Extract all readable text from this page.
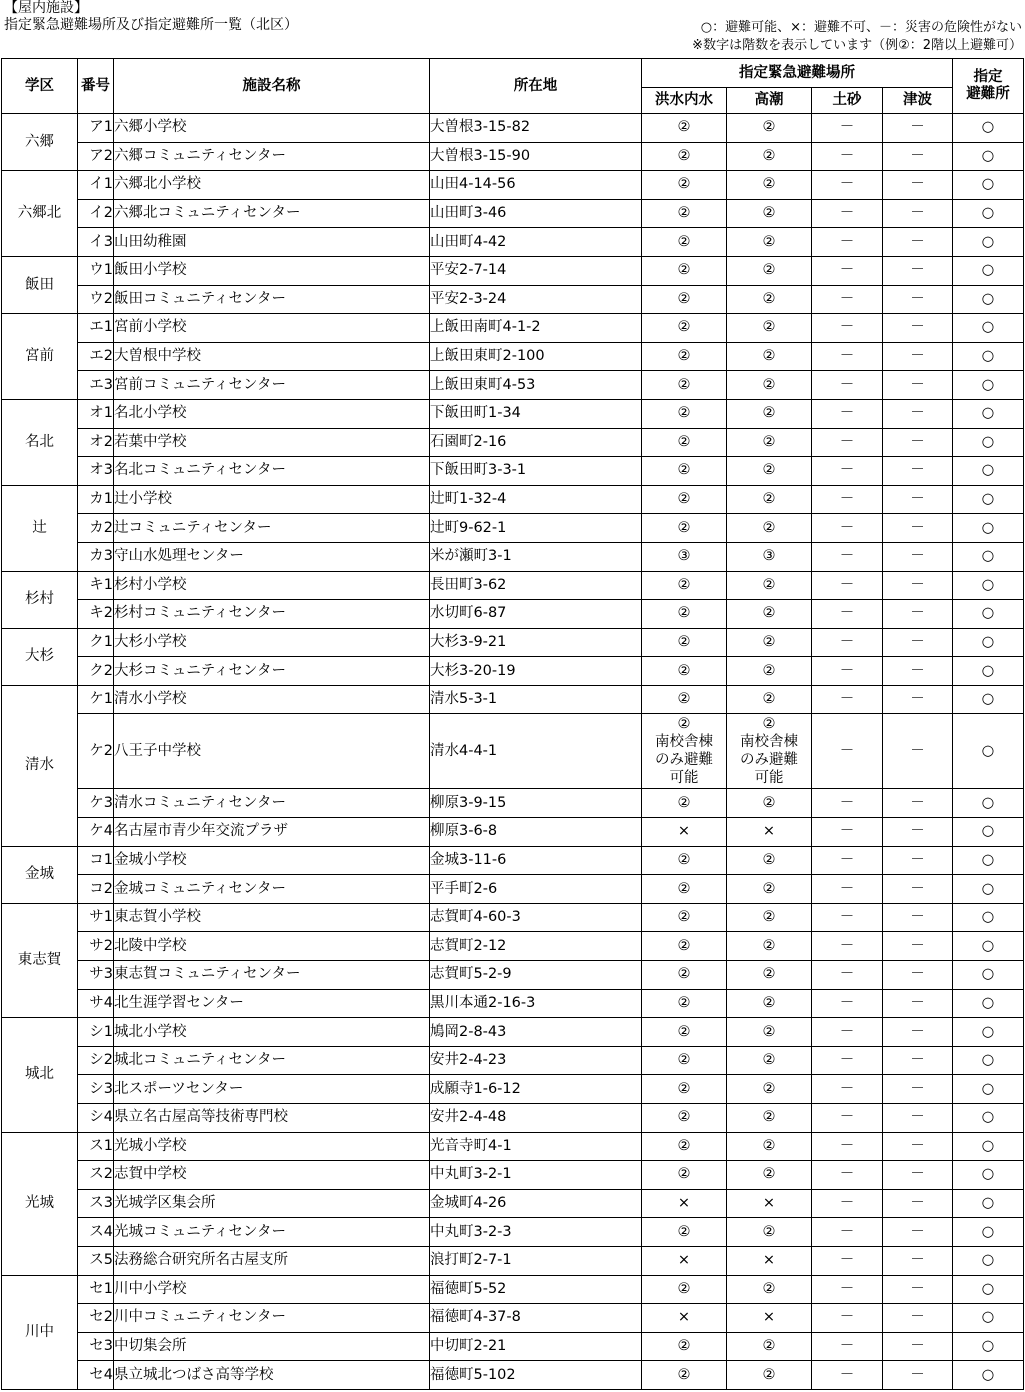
【屋内施設】
指定緊急避難場所及び指定避難所一覧（北区）	○：避難可能、×：避難不可、－：災害の危険性がない
※数字は階数を表示しています（例②：2階以上避難可）
学区	番号	施設名称	所在地	指定緊急避難場所				指定
避難所
				洪水内水	高潮	土砂	津波	
六郷	ア1	六郷小学校	大曽根3-15-82	②	②	－	－	○
	ア2	六郷コミュニティセンター	大曽根3-15-90	②	②	－	－	○
六郷北	イ1	六郷北小学校	山田4-14-56	②	②	－	－	○
	イ2	六郷北コミュニティセンター	山田町3-46	②	②	－	－	○
	イ3	山田幼稚園	山田町4-42	②	②	－	－	○
飯田	ウ1	飯田小学校	平安2-7-14	②	②	－	－	○
	ウ2	飯田コミュニティセンター	平安2-3-24	②	②	－	－	○
宮前	エ1	宮前小学校	上飯田南町4-1-2	②	②	－	－	○
	エ2	大曽根中学校	上飯田東町2-100	②	②	－	－	○
	エ3	宮前コミュニティセンター	上飯田東町4-53	②	②	－	－	○
名北	オ1	名北小学校	下飯田町1-34	②	②	－	－	○
	オ2	若葉中学校	石園町2-16	②	②	－	－	○
	オ3	名北コミュニティセンター	下飯田町3-3-1	②	②	－	－	○
辻	カ1	辻小学校	辻町1-32-4	②	②	－	－	○
	カ2	辻コミュニティセンター	辻町9-62-1	②	②	－	－	○
	カ3	守山水処理センター	米が瀬町3-1	③	③	－	－	○
杉村	キ1	杉村小学校	長田町3-62	②	②	－	－	○
	キ2	杉村コミュニティセンター	水切町6-87	②	②	－	－	○
大杉	ク1	大杉小学校	大杉3-9-21	②	②	－	－	○
	ク2	大杉コミュニティセンター	大杉3-20-19	②	②	－	－	○
清水	ケ1	清水小学校	清水5-3-1	②	②	－	－	○
	ケ2	八王子中学校	清水4-4-1	②
南校舎棟
のみ避難
可能	②
南校舎棟
のみ避難
可能	－	－	○
	ケ3	清水コミュニティセンター	柳原3-9-15	②	②	－	－	○
	ケ4	名古屋市青少年交流プラザ	柳原3-6-8	×	×	－	－	○
金城	コ1	金城小学校	金城3-11-6	②	②	－	－	○
	コ2	金城コミュニティセンター	平手町2-6	②	②	－	－	○
東志賀	サ1	東志賀小学校	志賀町4-60-3	②	②	－	－	○
	サ2	北陵中学校	志賀町2-12	②	②	－	－	○
	サ3	東志賀コミュニティセンター	志賀町5-2-9	②	②	－	－	○
	サ4	北生涯学習センター	黒川本通2-16-3	②	②	－	－	○
城北	シ1	城北小学校	鳩岡2-8-43	②	②	－	－	○
	シ2	城北コミュニティセンター	安井2-4-23	②	②	－	－	○
	シ3	北スポーツセンター	成願寺1-6-12	②	②	－	－	○
	シ4	県立名古屋高等技術専門校	安井2-4-48	②	②	－	－	○
光城	ス1	光城小学校	光音寺町4-1	②	②	－	－	○
	ス2	志賀中学校	中丸町3-2-1	②	②	－	－	○
	ス3	光城学区集会所	金城町4-26	×	×	－	－	○
	ス4	光城コミュニティセンター	中丸町3-2-3	②	②	－	－	○
	ス5	法務総合研究所名古屋支所	浪打町2-7-1	×	×	－	－	○
川中	セ1	川中小学校	福徳町5-52	②	②	－	－	○
	セ2	川中コミュニティセンター	福徳町4-37-8	×	×	－	－	○
	セ3	中切集会所	中切町2-21	②	②	－	－	○
	セ4	県立城北つばさ高等学校	福徳町5-102	②	②	－	－	○
